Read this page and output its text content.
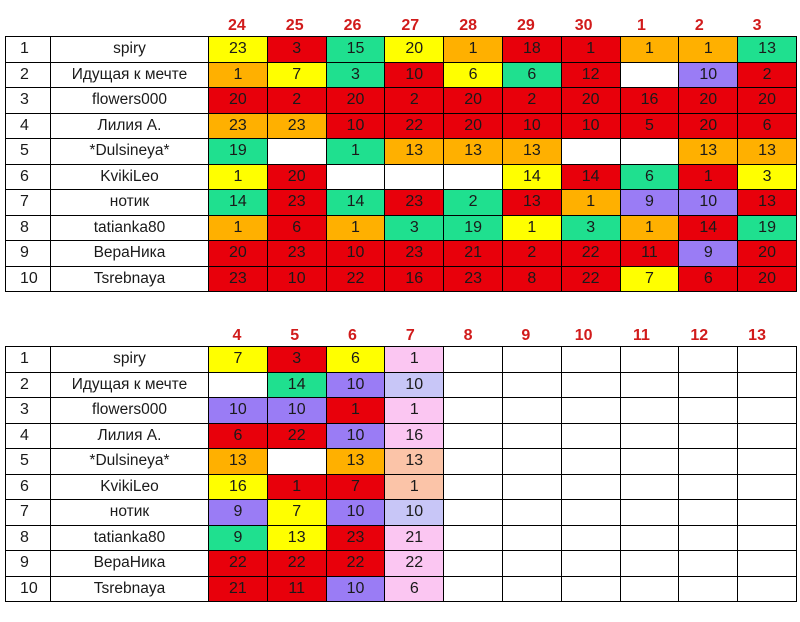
24	25	26	27	28	29	30	1	2	3
1	spiry	23	3	15	20	1	18	1	1	1	13
2	Идущая к мечте	1	7	3	10	6	6	12		10	2
3	flowers000	20	2	20	2	20	2	20	16	20	20
4	Лилия А.	23	23	10	22	20	10	10	5	20	6
5	*Dulsineya*	19		1	13	13	13			13	13
6	KvikiLeo	1	20				14	14	6	1	3
7	нотик	14	23	14	23	2	13	1	9	10	13
8	tatianka80	1	6	1	3	19	1	3	1	14	19
9	ВераНика	20	23	10	23	21	2	22	11	9	20
10	Tsrebnaya	23	10	22	16	23	8	22	7	6	20
4	5	6	7	8	9	10	11	12	13
1	spiry	7	3	6	1						
2	Идущая к мечте		14	10	10						
3	flowers000	10	10	1	1						
4	Лилия А.	6	22	10	16						
5	*Dulsineya*	13		13	13						
6	KvikiLeo	16	1	7	1						
7	нотик	9	7	10	10						
8	tatianka80	9	13	23	21						
9	ВераНика	22	22	22	22						
10	Tsrebnaya	21	11	10	6						
